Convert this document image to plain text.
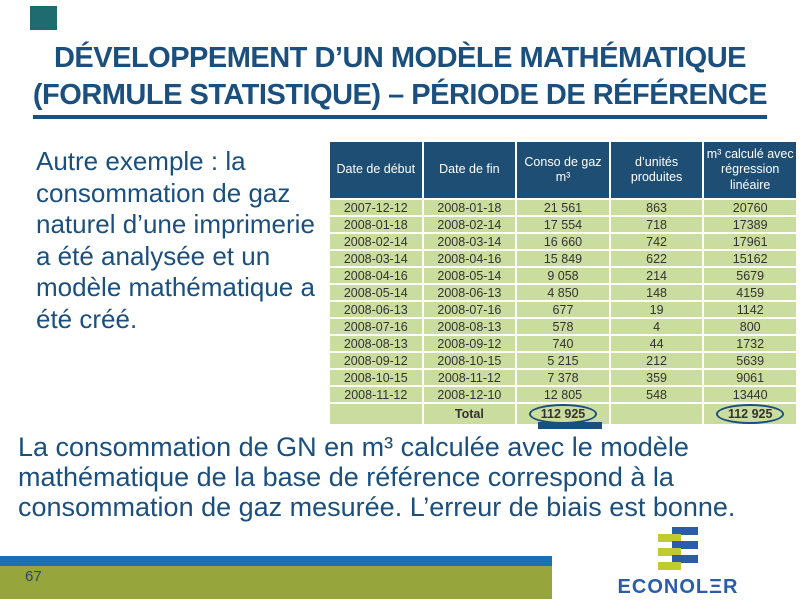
DÉVELOPPEMENT D’UN MODÈLE MATHÉMATIQUE
(FORMULE STATISTIQUE) – PÉRIODE DE RÉFÉRENCE
Autre exemple : la consommation de gaz naturel d’une imprimerie a été analysée et un modèle mathématique a été créé.
Date de début	Date de fin	Conso de gaz m³	d’unités produites	m³ calculé avec régression linéaire
2007-12-12	2008-01-18	21 561	863	20760
2008-01-18	2008-02-14	17 554	718	17389
2008-02-14	2008-03-14	16 660	742	17961
2008-03-14	2008-04-16	15 849	622	15162
2008-04-16	2008-05-14	9 058	214	5679
2008-05-14	2008-06-13	4 850	148	4159
2008-06-13	2008-07-16	677	19	1142
2008-07-16	2008-08-13	578	4	800
2008-08-13	2008-09-12	740	44	1732
2008-09-12	2008-10-15	5 215	212	5639
2008-10-15	2008-11-12	7 378	359	9061
2008-11-12	2008-12-10	12 805	548	13440
	Total	112 925		112 925
La consommation de GN en m³ calculée avec le modèle mathématique de la base de référence correspond à la consommation de gaz mesurée. L’erreur de biais est bonne.
67	ECONOLΞR
